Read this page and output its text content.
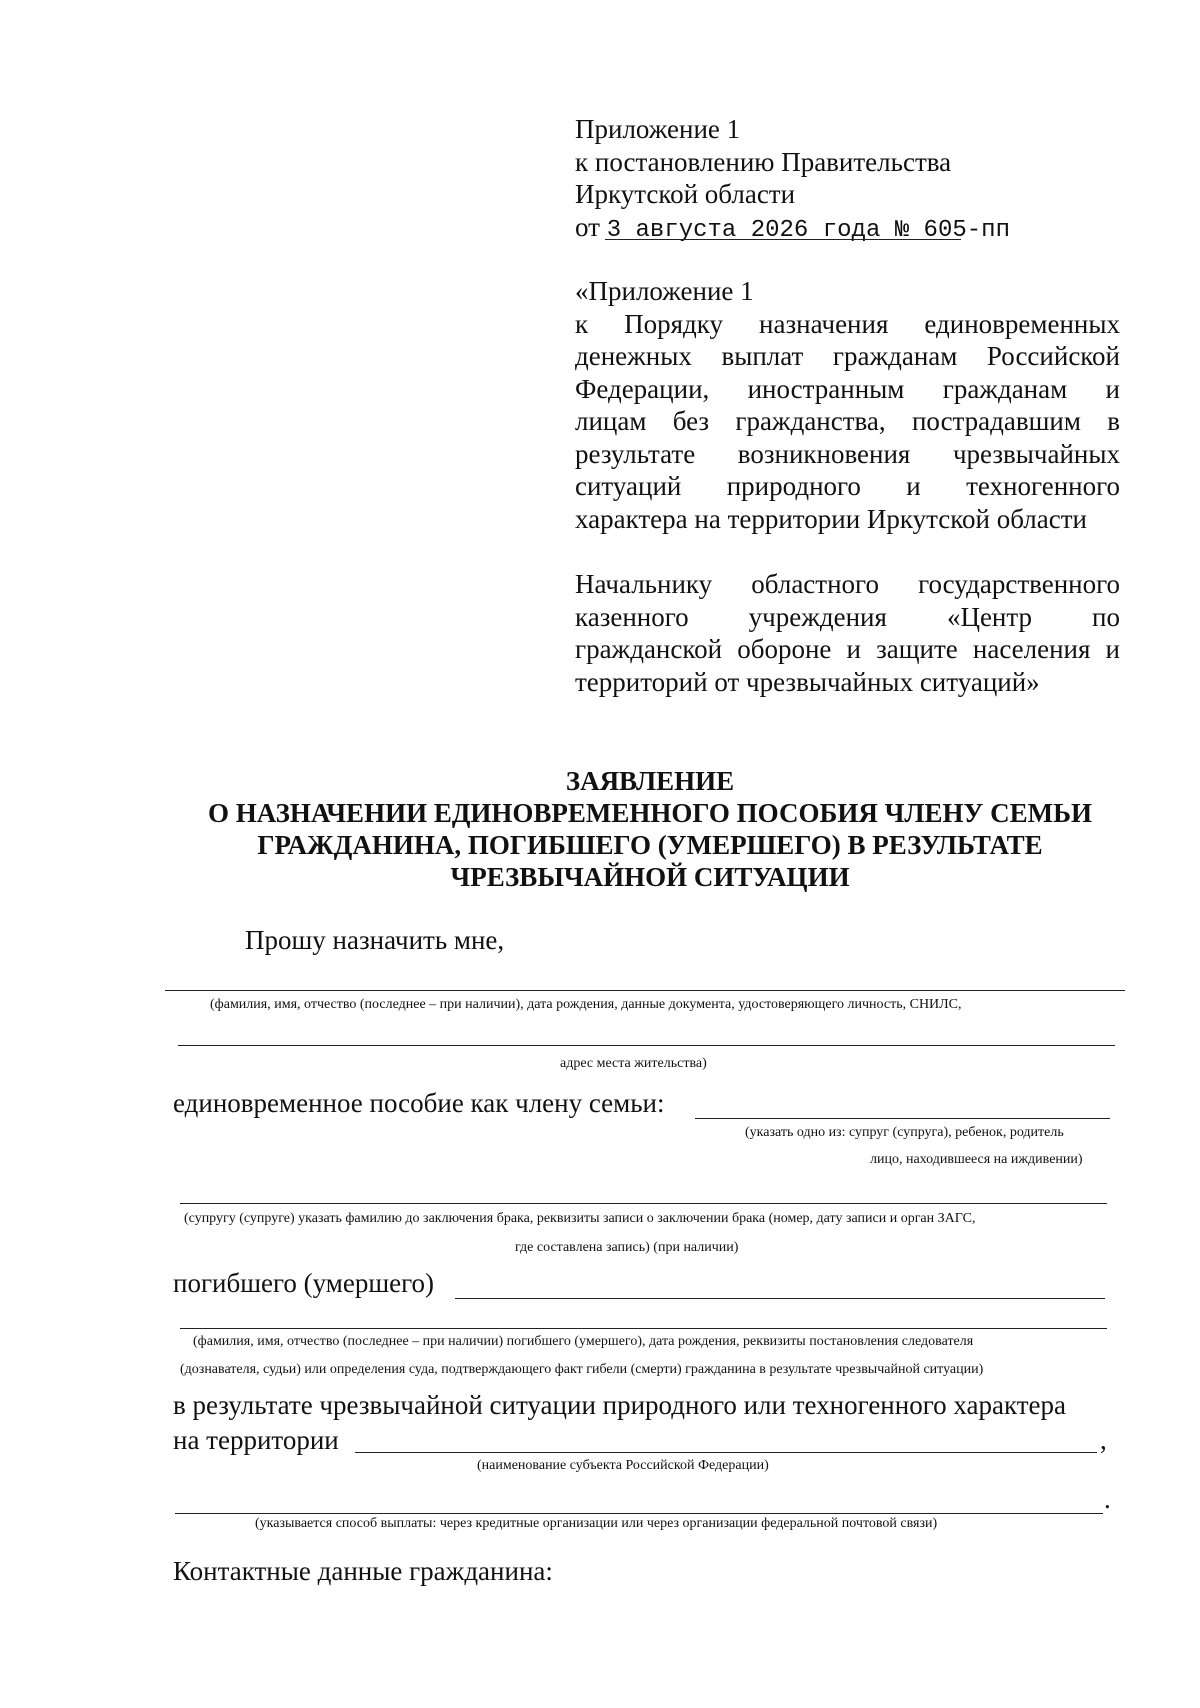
Приложение 1
к постановлению Правительства
Иркутской области
от 3 августа 2026 года № 605-пп
«Приложение 1
к Порядку назначения единовременных
денежных выплат гражданам Российской
Федерации, иностранным гражданам и
лицам без гражданства, пострадавшим в
результате возникновения чрезвычайных
ситуаций природного и техногенного
характера на территории Иркутской области
Начальнику областного государственного
казенного учреждения «Центр по
гражданской обороне и защите населения и
территорий от чрезвычайных ситуаций»
ЗАЯВЛЕНИЕ
О НАЗНАЧЕНИИ ЕДИНОВРЕМЕННОГО ПОСОБИЯ ЧЛЕНУ СЕМЬИ
ГРАЖДАНИНА, ПОГИБШЕГО (УМЕРШЕГО) В РЕЗУЛЬТАТЕ
ЧРЕЗВЫЧАЙНОЙ СИТУАЦИИ
Прошу назначить мне,
(фамилия, имя, отчество (последнее – при наличии), дата рождения, данные документа, удостоверяющего личность, СНИЛС,
адрес места жительства)
единовременное пособие как члену семьи:
(указать одно из: супруг (супруга), ребенок, родитель
лицо, находившееся на иждивении)
(супругу (супруге) указать фамилию до заключения брака, реквизиты записи о заключении брака (номер, дату записи и орган ЗАГС,
где составлена запись) (при наличии)
погибшего (умершего)
(фамилия, имя, отчество (последнее – при наличии) погибшего (умершего), дата рождения, реквизиты постановления следователя
(дознавателя, судьи) или определения суда, подтверждающего факт гибели (смерти) гражданина в результате чрезвычайной ситуации)
в результате чрезвычайной ситуации природного или техногенного характера
на территории	,
(наименование субъекта Российской Федерации)
.
(указывается способ выплаты: через кредитные организации или через организации федеральной почтовой связи)
Контактные данные гражданина:
